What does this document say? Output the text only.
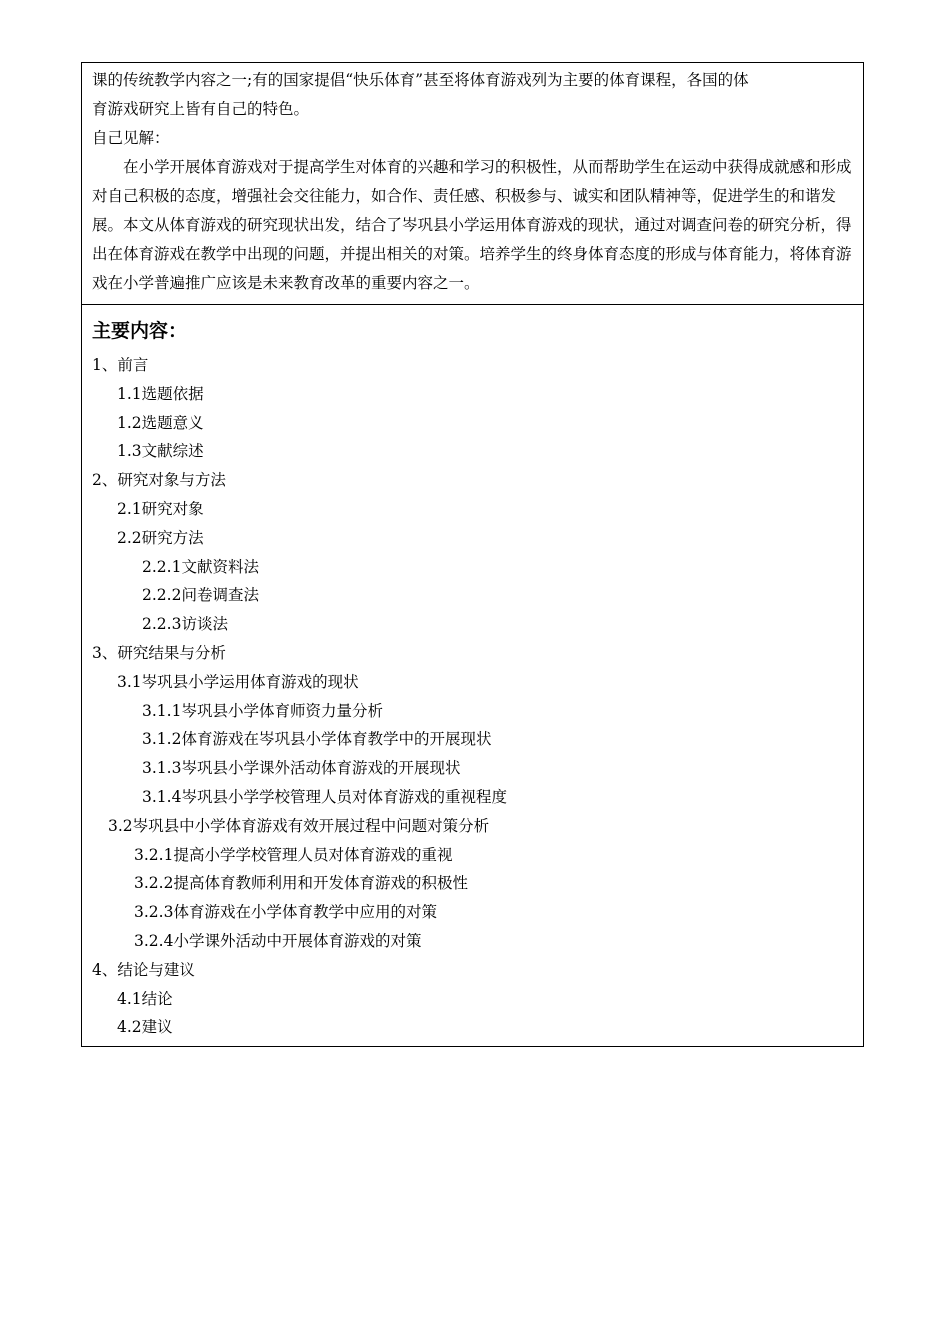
课的传统教学内容之一;有的国家提倡“快乐体育”甚至将体育游戏列为主要的体育课程，各国的体

育游戏研究上皆有自己的特色。

自己见解：

在小学开展体育游戏对于提高学生对体育的兴趣和学习的积极性，从而帮助学生在运动中获得成就感和形成对自己积极的态度，增强社会交往能力，如合作、责任感、积极参与、诚实和团队精神等，促进学生的和谐发展。本文从体育游戏的研究现状出发，结合了岑巩县小学运用体育游戏的现状，通过对调查问卷的研究分析，得出在体育游戏在教学中出现的问题，并提出相关的对策。培养学生的终身体育态度的形成与体育能力，将体育游戏在小学普遍推广应该是未来教育改革的重要内容之一。

主要内容：
1、前言
1.1选题依据
1.2选题意义
1.3文献综述
2、研究对象与方法
2.1研究对象
2.2研究方法
2.2.1文献资料法
2.2.2问卷调查法
2.2.3访谈法
3、研究结果与分析
3.1岑巩县小学运用体育游戏的现状
3.1.1岑巩县小学体育师资力量分析
3.1.2体育游戏在岑巩县小学体育教学中的开展现状
3.1.3岑巩县小学课外活动体育游戏的开展现状
3.1.4岑巩县小学学校管理人员对体育游戏的重视程度
3.2岑巩县中小学体育游戏有效开展过程中问题对策分析
3.2.1提高小学学校管理人员对体育游戏的重视
3.2.2提高体育教师利用和开发体育游戏的积极性
3.2.3体育游戏在小学体育教学中应用的对策
3.2.4小学课外活动中开展体育游戏的对策
4、结论与建议
4.1结论
4.2建议
